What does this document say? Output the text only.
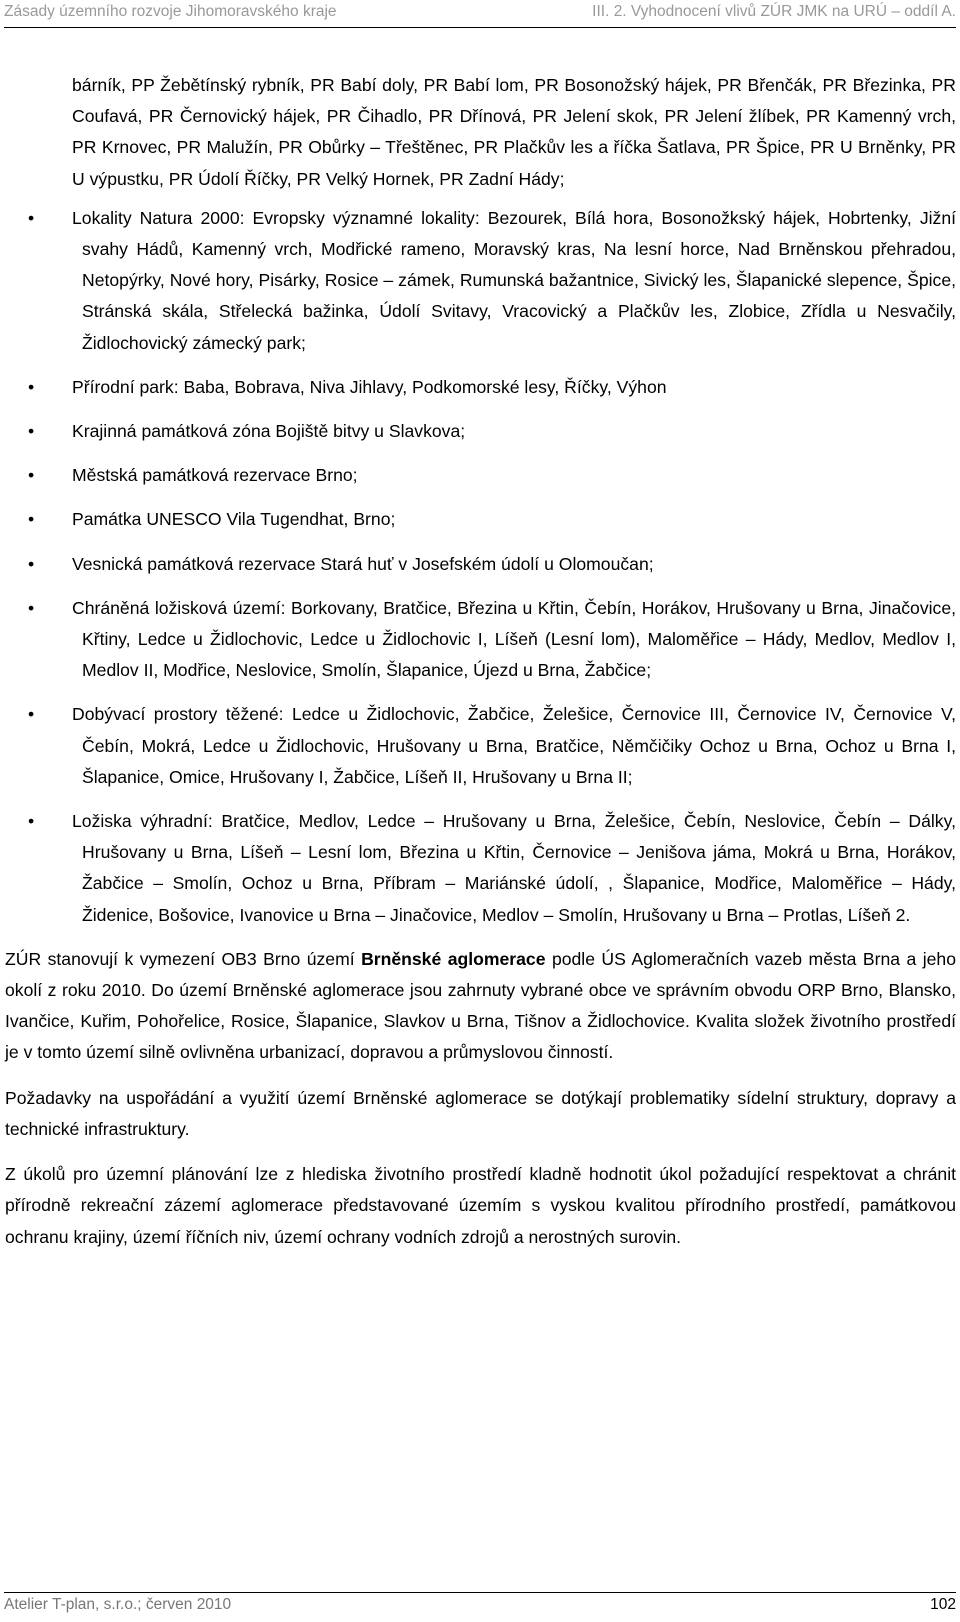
Zásady územního rozvoje Jihomoravského kraje	III. 2. Vyhodnocení vlivů ZÚR JMK na URÚ – oddíl A.

bárník, PP Žebětínský rybník, PR Babí doly, PR Babí lom, PR Bosonožský hájek, PR Břenčák, PR Březinka, PR Coufavá, PR Černovický hájek, PR Čihadlo, PR Dřínová, PR Jelení skok, PR Jelení žlíbek, PR Kamenný vrch, PR Krnovec, PR Malužín, PR Obůrky – Třeštěnec, PR Plačkův les a říčka Šatlava, PR Špice, PR U Brněnky, PR U výpustku, PR Údolí Říčky, PR Velký Hornek, PR Zadní Hády;

• Lokality Natura 2000: Evropsky významné lokality: Bezourek, Bílá hora, Bosonožkský hájek, Hobrtenky, Jižní svahy Hádů, Kamenný vrch, Modřické rameno, Moravský kras, Na lesní horce, Nad Brněnskou přehradou, Netopýrky, Nové hory, Pisárky, Rosice – zámek, Rumunská bažantnice, Sivický les, Šlapanické slepence, Špice, Stránská skála, Střelecká bažinka, Údolí Svitavy, Vracovický a Plačkův les, Zlobice, Zřídla u Nesvačily, Židlochovický zámecký park;
• Přírodní park: Baba, Bobrava, Niva Jihlavy, Podkomorské lesy, Říčky, Výhon
• Krajinná památková zóna Bojiště bitvy u Slavkova;
• Městská památková rezervace Brno;
• Památka UNESCO Vila Tugendhat, Brno;
• Vesnická památková rezervace Stará huť v Josefském údolí u Olomoučan;
• Chráněná ložisková území: Borkovany, Bratčice, Březina u Křtin, Čebín, Horákov, Hrušovany u Brna, Jinačovice, Křtiny, Ledce u Židlochovic, Ledce u Židlochovic I, Líšeň (Lesní lom), Maloměřice – Hády, Medlov, Medlov I, Medlov II, Modřice, Neslovice, Smolín, Šlapanice, Újezd u Brna, Žabčice;
• Dobývací prostory těžené: Ledce u Židlochovic, Žabčice, Želešice, Černovice III, Černovice IV, Černovice V, Čebín, Mokrá, Ledce u Židlochovic, Hrušovany u Brna, Bratčice, Němčičiky Ochoz u Brna, Ochoz u Brna I, Šlapanice, Omice, Hrušovany I, Žabčice, Líšeň II, Hrušovany u Brna II;
• Ložiska výhradní: Bratčice, Medlov, Ledce – Hrušovany u Brna, Želešice, Čebín, Neslovice, Čebín – Dálky, Hrušovany u Brna, Líšeň – Lesní lom, Březina u Křtin, Černovice – Jenišova jáma, Mokrá u Brna, Horákov, Žabčice – Smolín, Ochoz u Brna, Příbram – Mariánské údolí, , Šlapanice, Modřice, Maloměřice – Hády, Židenice, Bošovice, Ivanovice u Brna – Jinačovice, Medlov – Smolín, Hrušovany u Brna – Protlas, Líšeň 2.

ZÚR stanovují k vymezení OB3 Brno území Brněnské aglomerace podle ÚS Aglomeračních vazeb města Brna a jeho okolí z roku 2010. Do území Brněnské aglomerace jsou zahrnuty vybrané obce ve správním obvodu ORP Brno, Blansko, Ivančice, Kuřim, Pohořelice, Rosice, Šlapanice, Slavkov u Brna, Tišnov a Židlochovice. Kvalita složek životního prostředí je v tomto území silně ovlivněna urbanizací, dopravou a průmyslovou činností.

Požadavky na uspořádání a využití území Brněnské aglomerace se dotýkají problematiky sídelní struktury, dopravy a technické infrastruktury.

Z úkolů pro územní plánování lze z hlediska životního prostředí kladně hodnotit úkol požadující respektovat a chránit přírodně rekreační zázemí aglomerace představované územím s vyskou kvalitou přírodního prostředí, památkovou ochranu krajiny, území říčních niv, území ochrany vodních zdrojů a nerostných surovin.

Atelier T-plan, s.r.o.; červen 2010	102
